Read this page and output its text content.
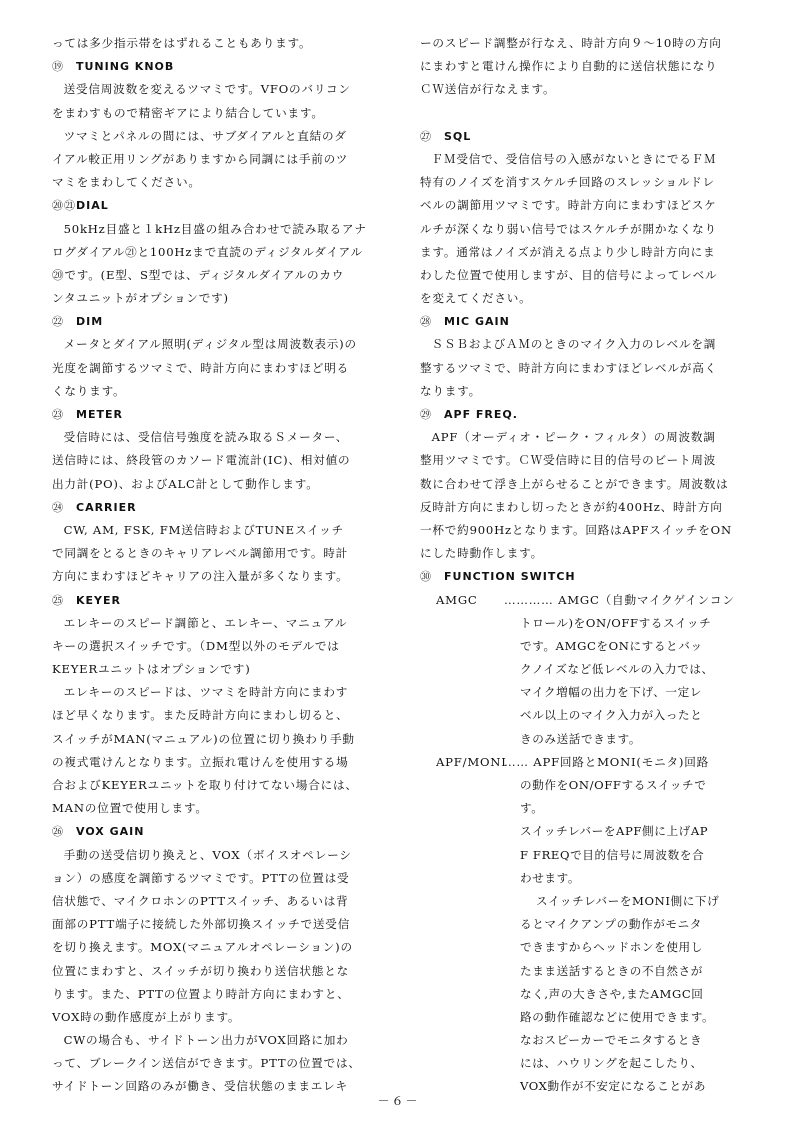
っては多少指示帯をはずれることもあります。
⑲ TUNING KNOB
送受信周波数を変えるツマミです。VFOのバリコン
をまわすもので精密ギアにより結合しています。
ツマミとパネルの間には、サブダイアルと直結のダ
イアル較正用リングがありますから同調には手前のツ
マミをまわしてください。
⑳㉑DIAL
50kHz目盛と１kHz目盛の組み合わせで読み取るアナ
ログダイアル㉑と100Hzまで直読のディジタルダイアル
⑳です。(E型、S型では、ディジタルダイアルのカウ
ンタユニットがオプションです)
㉒ DIM
メータとダイアル照明(ディジタル型は周波数表示)の
光度を調節するツマミで、時計方向にまわすほど明る
くなります。
㉓ METER
受信時には、受信信号強度を読み取るＳメーター、
送信時には、終段管のカソード電流計(IC)、相対値の
出力計(PO)、およびALC計として動作します。
㉔ CARRIER
CW, AM, FSK, FM送信時およびTUNEスイッチ
で同調をとるときのキャリアレベル調節用です。時計
方向にまわすほどキャリアの注入量が多くなります。
㉕ KEYER
エレキーのスピード調節と、エレキー、マニュアル
キーの選択スイッチです。（DM型以外のモデルでは
KEYERユニットはオプションです)
エレキーのスピードは、ツマミを時計方向にまわす
ほど早くなります。また反時計方向にまわし切ると、
スイッチがMAN(マニュアル)の位置に切り換わり手動
の複式電けんとなります。立振れ電けんを使用する場
合およびKEYERユニットを取り付けてない場合には、
MANの位置で使用します。
㉖ VOX GAIN
手動の送受信切り換えと、VOX（ボイスオペレーシ
ョン）の感度を調節するツマミです。PTTの位置は受
信状態で、マイクロホンのPTTスイッチ、あるいは背
面部のPTT端子に接続した外部切換スイッチで送受信
を切り換えます。MOX(マニュアルオペレーション)の
位置にまわすと、スイッチが切り換わり送信状態とな
ります。また、PTTの位置より時計方向にまわすと、
VOX時の動作感度が上がります。
CWの場合も、サイドトーン出力がVOX回路に加わ
って、ブレークイン送信ができます。PTTの位置では、
サイドトーン回路のみが働き、受信状態のままエレキ
ーのスピード調整が行なえ、時計方向９～10時の方向
にまわすと電けん操作により自動的に送信状態になり
ＣＷ送信が行なえます。
㉗ SQL
ＦＭ受信で、受信信号の入感がないときにでるＦＭ
特有のノイズを消すスケルチ回路のスレッショルドレ
ベルの調節用ツマミです。時計方向にまわすほどスケ
ルチが深くなり弱い信号ではスケルチが開かなくなり
ます。通常はノイズが消える点より少し時計方向にま
わした位置で使用しますが、目的信号によってレベル
を変えてください。
㉘ MIC GAIN
ＳＳＢおよびＡＭのときのマイク入力のレベルを調
整するツマミで、時計方向にまわすほどレベルが高く
なります。
㉙ APF FREQ.
APF（オーディオ・ピーク・フィルタ）の周波数調
整用ツマミです。ＣＷ受信時に目的信号のビート周波
数に合わせて浮き上がらせることができます。周波数は
反時計方向にまわし切ったときが約400Hz、時計方向
一杯で約900Hzとなります。回路はAPFスイッチをON
にした時動作します。
㉚ FUNCTION SWITCH
AMGC ………… AMGC（自動マイクゲインコン
トロール)をON/OFFするスイッチ
です。AMGCをONにするとバッ
クノイズなど低レベルの入力では、
マイク増幅の出力を下げ、一定レ
ベル以上のマイク入力が入ったと
きのみ送話できます。
APF/MONI
…… APF回路とMONI(モニタ)回路
の動作をON/OFFするスイッチで
す。
スイッチレバーをAPF側に上げAP
F FREQで目的信号に周波数を合
わせます。
スイッチレバーをMONI側に下げ
るとマイクアンプの動作がモニタ
できますからヘッドホンを使用し
たまま送話するときの不自然さが
なく,声の大きさや,またAMGC回
路の動作確認などに使用できます。
なおスピーカーでモニタするとき
には、ハウリングを起こしたり、
VOX動作が不安定になることがあ
－６－
